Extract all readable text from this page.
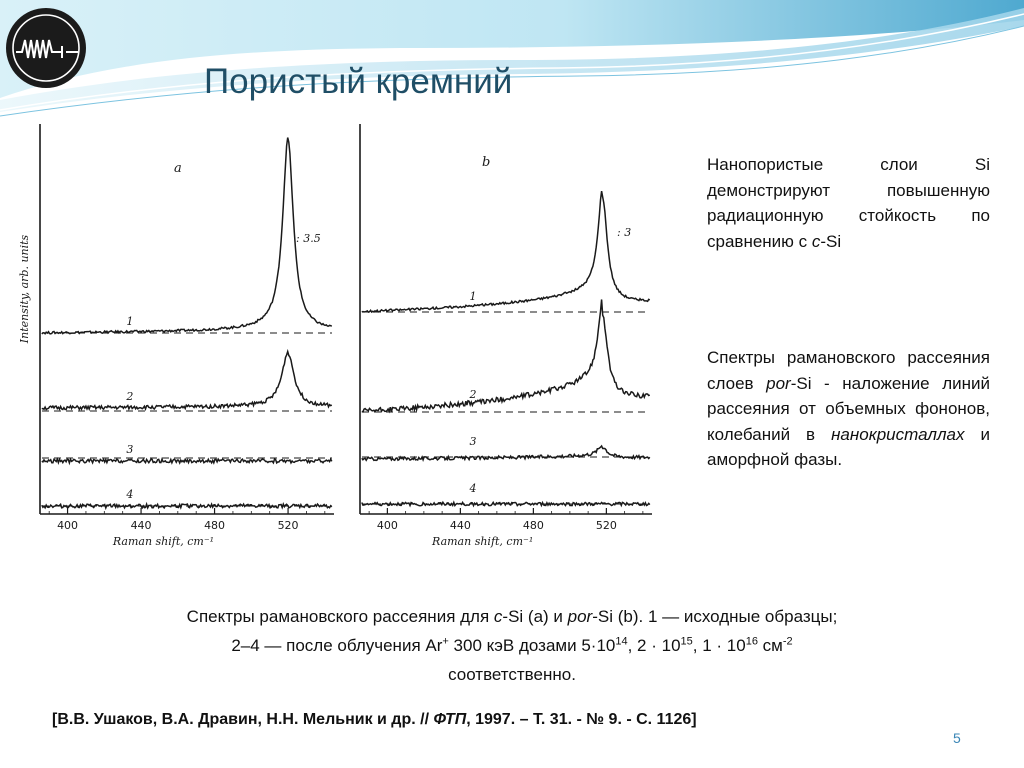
Пористый кремний
400	440	480	520
Raman shift, cm⁻¹
Intensity, arb. units
a
: 3.5
1
2
3
4
400	440	480	520
Raman shift, cm⁻¹
b
: 3
1
2
3
4

Нанопористые слои Si демонстрируют повышенную радиационную стойкость по сравнению с c-Si

Спектры рамановского рассеяния слоев por-Si - наложение линий рассеяния от объемных фононов, колебаний в нанокристаллах и аморфной фазы.

Спектры рамановского рассеяния для c-Si (a) и por-Si (b). 1 — исходные образцы;
2–4 — после облучения Ar+ 300 кэВ дозами $5\cdot 10^{14}$, $2 \cdot 10^{15}$, $1 \cdot 10^{16}$ $см^{-2}$
соответственно.
[В.В. Ушаков, В.А. Дравин, Н.Н. Мельник и др. // ФТП, 1997. – Т. 31. - № 9. - С. 1126]
5
